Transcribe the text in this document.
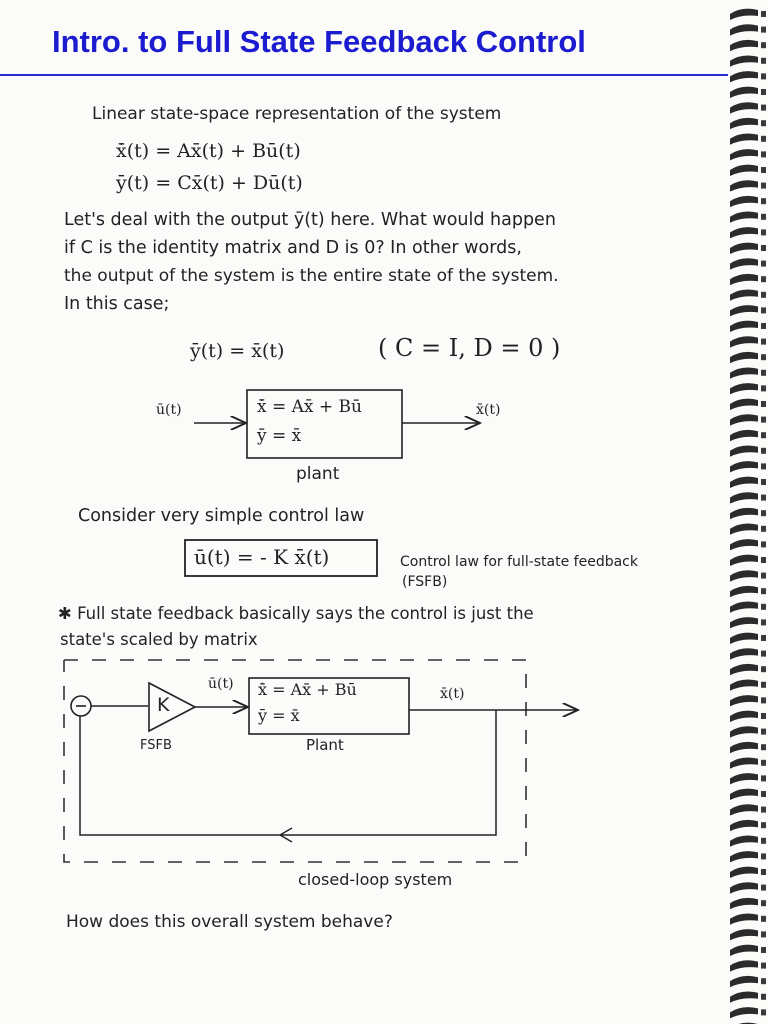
Intro. to Full State Feedback Control
Linear state-space representation of the system
x̄̇(t) = Ax̄(t) + Bū(t)
ȳ(t) = Cx̄(t) + Dū(t)
Let's deal with the output ȳ(t) here. What would happen
if C is the identity matrix and D is 0? In other words,
the output of the system is the entire state of the system.
In this case;
ȳ(t) = x̄(t)	( C = I, D = 0 )
ū(t)	x̄̇ = Ax̄ + Bū
ȳ = x̄
x̄(t)
plant
Consider very simple control law
ū(t) = - K x̄(t)	Control law for full-state feedback
(FSFB)
✱ Full state feedback basically says the control is just the
state's scaled by matrix
K
FSFB
ū(t) x̄̇ = Ax̄ + Bū
ȳ = x̄
x̄(t)
Plant
closed-loop system
How does this overall system behave?
